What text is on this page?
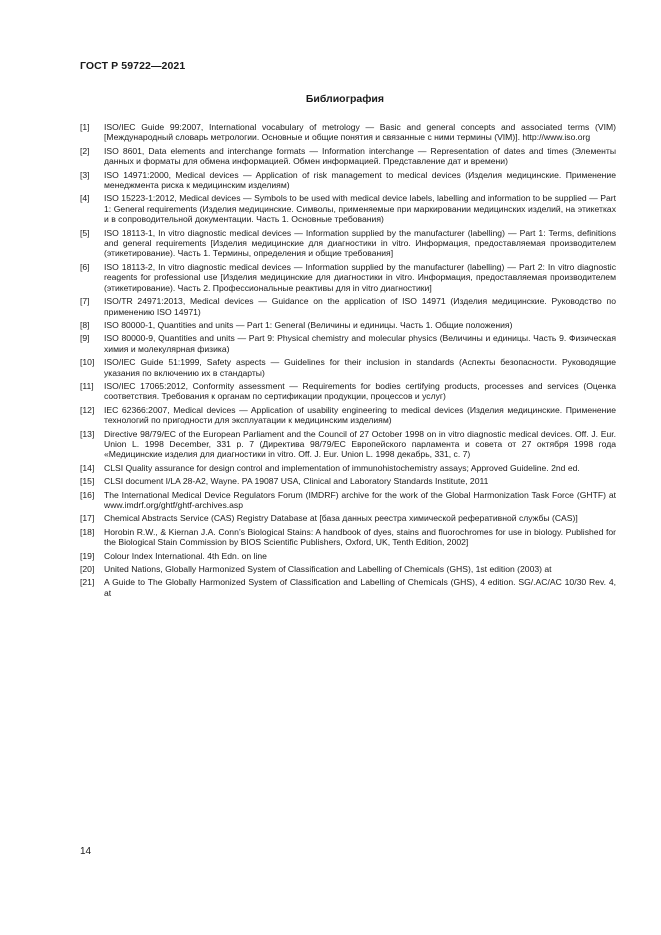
ГОСТ Р 59722—2021
Библиография
[1]	ISO/IEC Guide 99:2007, International vocabulary of metrology — Basic and general concepts and associated terms (VIM) [Международный словарь метрологии. Основные и общие понятия и связанные с ними термины (VIM)]. http://www.iso.org
[2]	ISO 8601, Data elements and interchange formats — Information interchange — Representation of dates and times (Элементы данных и форматы для обмена информацией. Обмен информацией. Представление дат и времени)
[3]	ISO 14971:2000, Medical devices — Application of risk management to medical devices (Изделия медицинские. Применение менеджмента риска к медицинским изделиям)
[4]	ISO 15223-1:2012, Medical devices — Symbols to be used with medical device labels, labelling and information to be supplied — Part 1: General requirements (Изделия медицинские. Символы, применяемые при маркировании медицинских изделий, на этикетках и в сопроводительной документации. Часть 1. Основные требования)
[5]	ISO 18113-1, In vitro diagnostic medical devices — Information supplied by the manufacturer (labelling) — Part 1: Terms, definitions and general requirements [Изделия медицинские для диагностики in vitro. Информация, предоставляемая производителем (этикетирование). Часть 1. Термины, определения и общие требования]
[6]	ISO 18113-2, In vitro diagnostic medical devices — Information supplied by the manufacturer (labelling) — Part 2: In vitro diagnostic reagents for professional use [Изделия медицинские для диагностики in vitro. Информация, предоставляемая производителем (этикетирование). Часть 2. Профессиональные реактивы для in vitro диагностики]
[7]	ISO/TR 24971:2013, Medical devices — Guidance on the application of ISO 14971 (Изделия медицинские. Руководство по применению ISO 14971)
[8]	ISO 80000-1, Quantities and units — Part 1: General (Величины и единицы. Часть 1. Общие положения)
[9]	ISO 80000-9, Quantities and units — Part 9: Physical chemistry and molecular physics (Величины и единицы. Часть 9. Физическая химия и молекулярная физика)
[10]	ISO/IEC Guide 51:1999, Safety aspects — Guidelines for their inclusion in standards (Аспекты безопасности. Руководящие указания по включению их в стандарты)
[11]	ISO/IEC 17065:2012, Conformity assessment — Requirements for bodies certifying products, processes and services (Оценка соответствия. Требования к органам по сертификации продукции, процессов и услуг)
[12]	IEC 62366:2007, Medical devices — Application of usability engineering to medical devices (Изделия медицинские. Применение технологий по пригодности для эксплуатации к медицинским изделиям)
[13]	Directive 98/79/EC of the European Parliament and the Council of 27 October 1998 on in vitro diagnostic medical devices. Off. J. Eur. Union L. 1998 December, 331 p. 7 (Директива 98/79/EC Европейского парламента и совета от 27 октября 1998 года «Медицинские изделия для диагностики in vitro. Off. J. Eur. Union L. 1998 декабрь, 331, с. 7)
[14]	CLSI Quality assurance for design control and implementation of immunohistochemistry assays; Approved Guideline. 2nd ed.
[15]	CLSI document I/LA 28-A2, Wayne. PA 19087 USA, Clinical and Laboratory Standards Institute, 2011
[16]	The International Medical Device Regulators Forum (IMDRF) archive for the work of the Global Harmonization Task Force (GHTF) at www.imdrf.org/ghtf/ghtf-archives.asp
[17]	Chemical Abstracts Service (CAS) Registry Database at [база данных реестра химической реферативной службы (CAS)]
[18]	Horobin R.W., & Kiernan J.A. Conn’s Biological Stains: A handbook of dyes, stains and fluorochromes for use in biology. Published for the Biological Stain Commission by BIOS Scientific Publishers, Oxford, UK, Tenth Edition, 2002]
[19]	Colour Index International. 4th Edn. on line
[20]	United Nations, Globally Harmonized System of Classification and Labelling of Chemicals (GHS), 1st edition (2003) at
[21]	A Guide to The Globally Harmonized System of Classification and Labelling of Chemicals (GHS), 4 edition. SG/.AC/AC 10/30 Rev. 4, at
14
